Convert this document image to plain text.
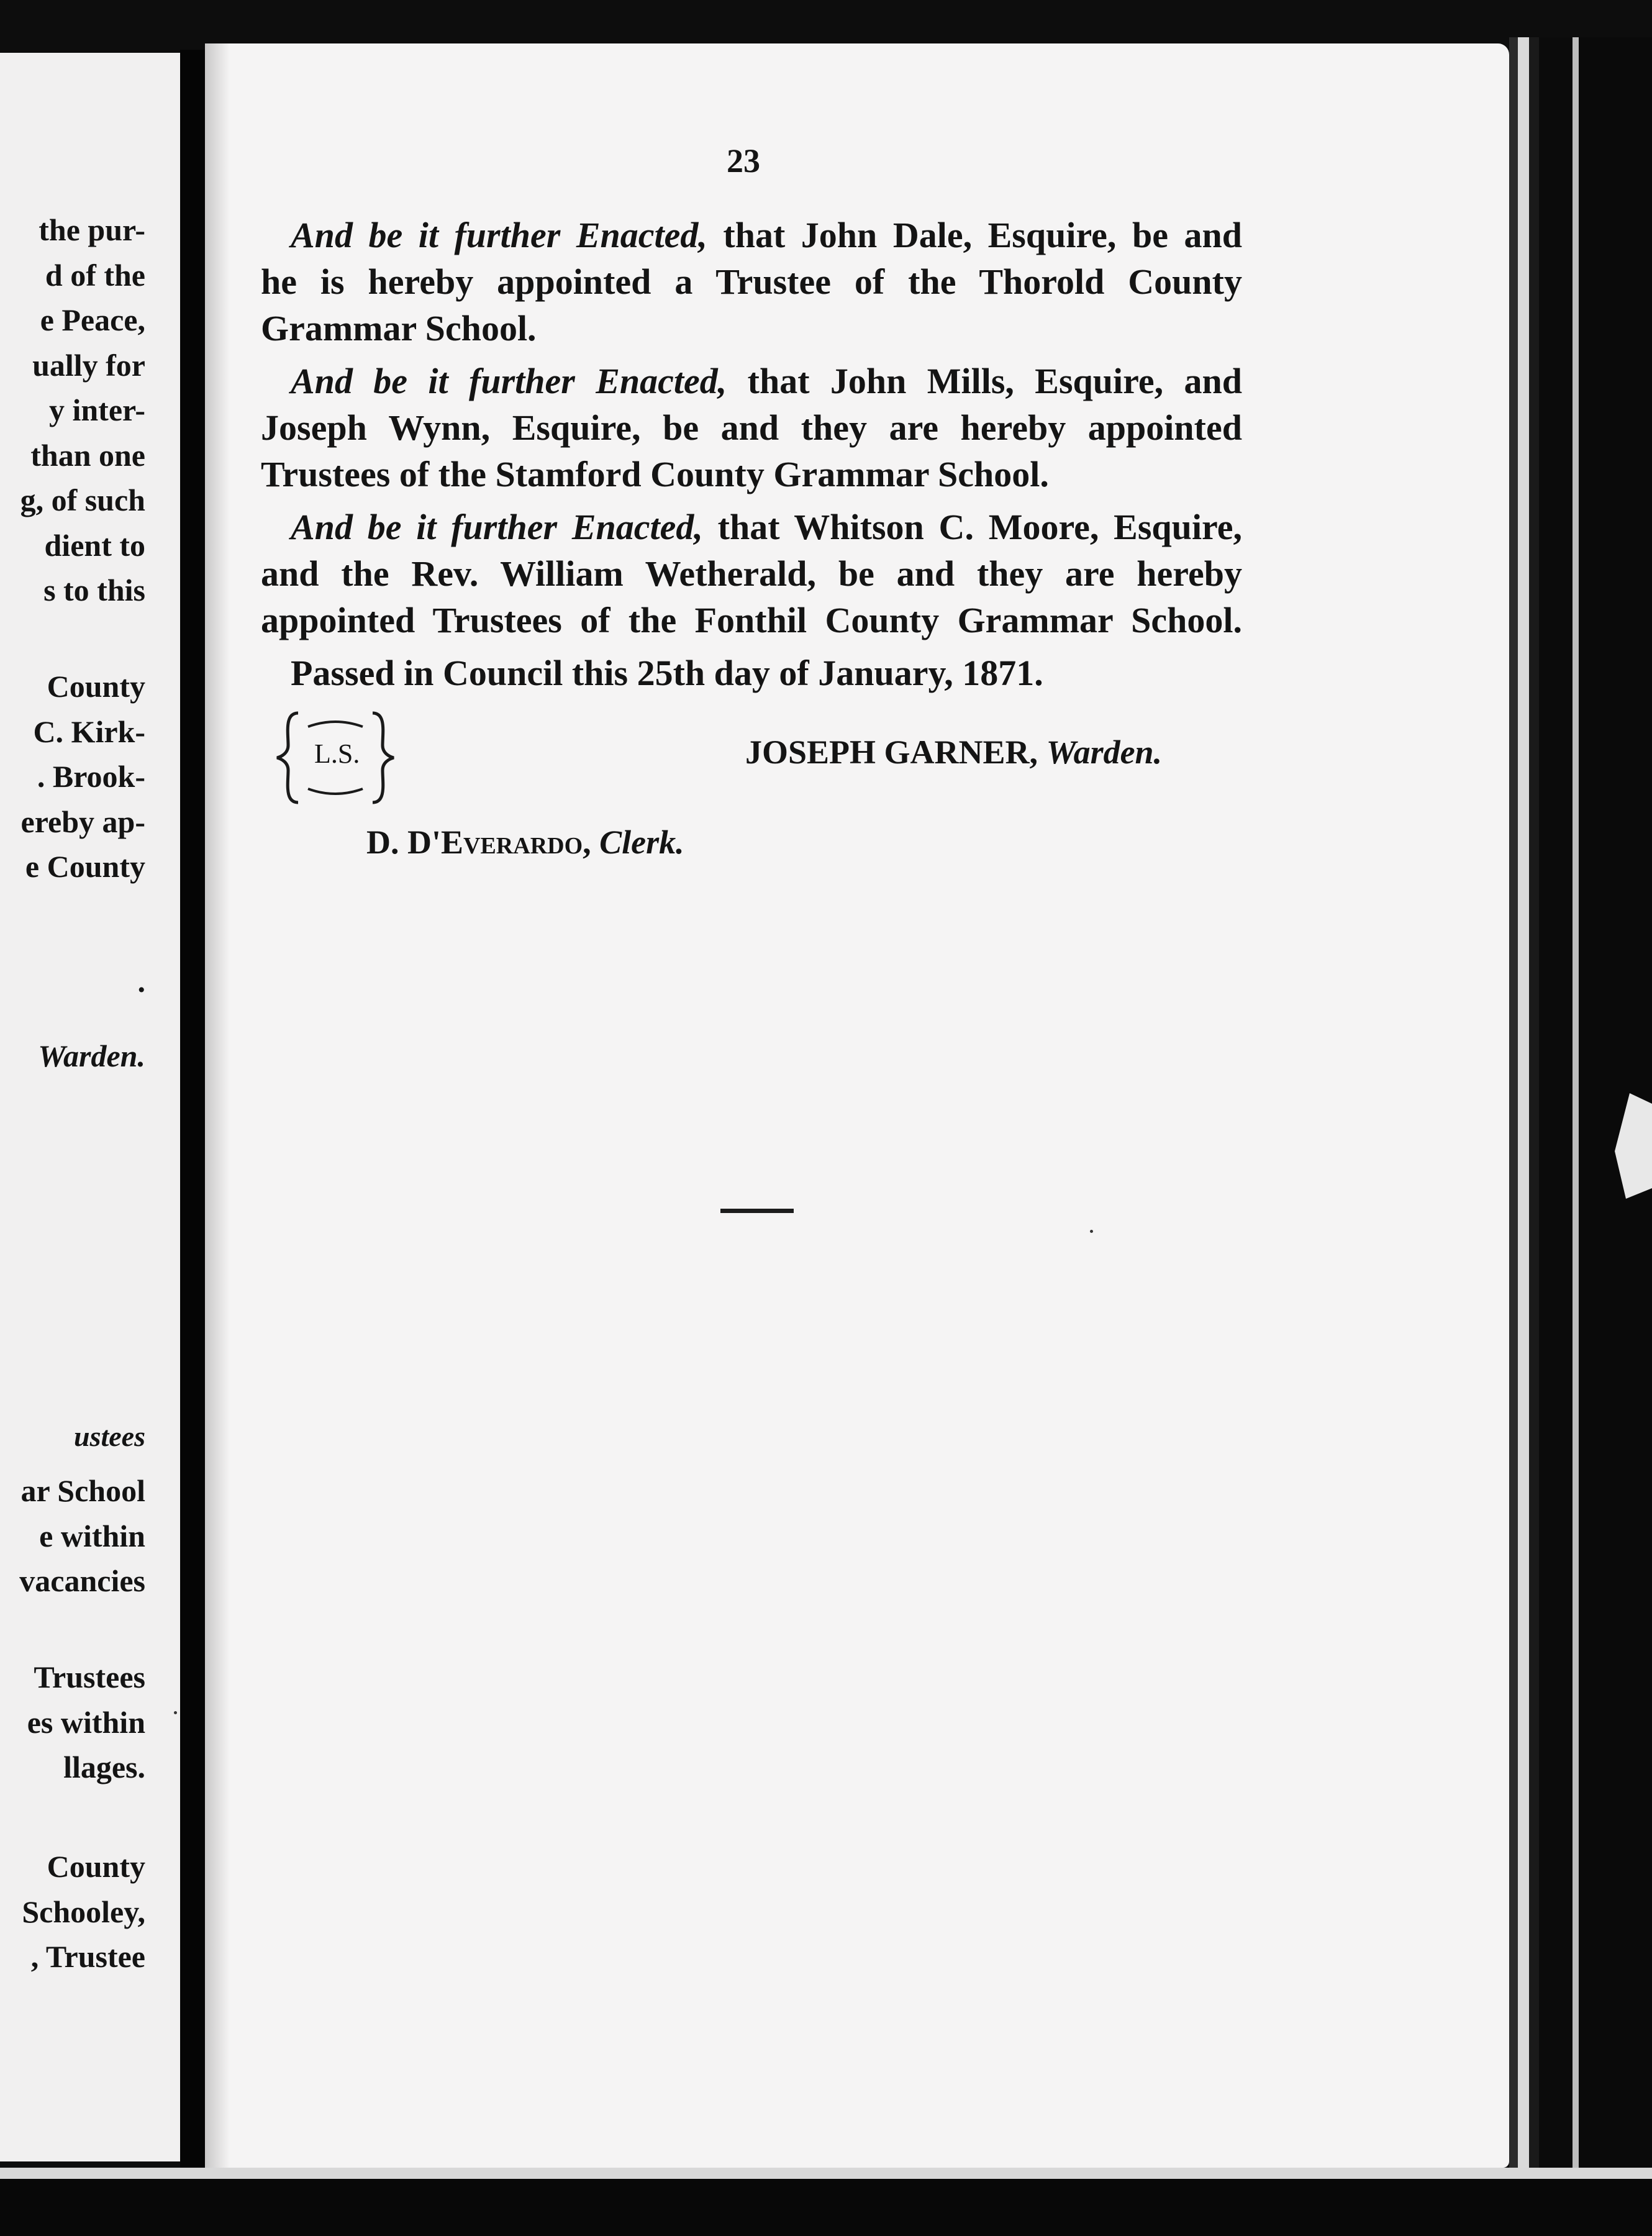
the pur-
d of the
e Peace,
ually for
y inter-
than one
g, of such
dient to
s to this
County
C. Kirk-
. Brook-
ereby ap-
e County
.
Warden.
ustees
ar School
e within
vacancies
Trustees
es within
llages.
County
Schooley,
, Trustee
23
And be it further Enacted, that John Dale, Esquire, be and
he is hereby appointed a Trustee of the Thorold County
Grammar School.
And be it further Enacted, that John Mills, Esquire, and
Joseph Wynn, Esquire, be and they are hereby appointed
Trustees of the Stamford County Grammar School.
And be it further Enacted, that Whitson C. Moore, Esquire,
and the Rev. William Wetherald, be and they are hereby
appointed Trustees of the Fonthil County Grammar School.
Passed in Council this 25th day of January, 1871.
L.S.	JOSEPH GARNER, Warden.
D. D'Everardo, Clerk.
